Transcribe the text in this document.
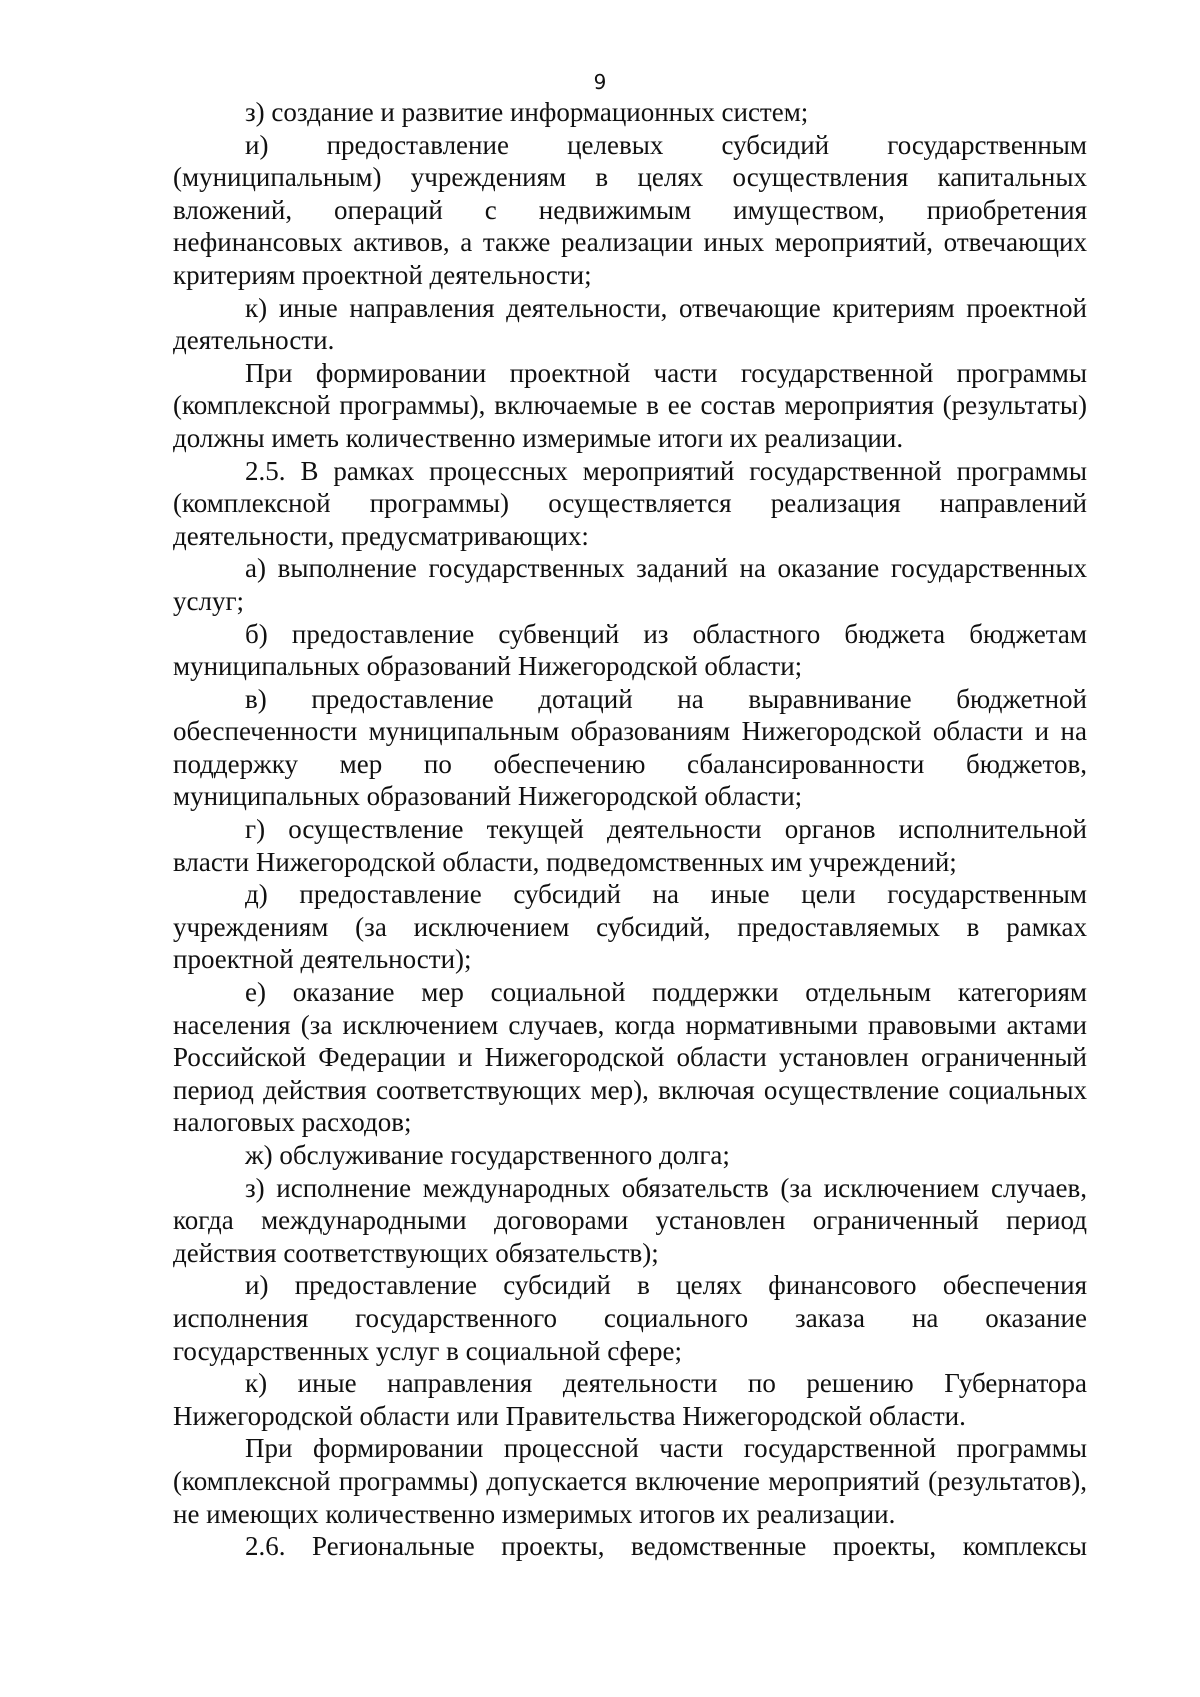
9

з) создание и развитие информационных систем;

и) предоставление целевых субсидий государственным (муниципальным) учреждениям в целях осуществления капитальных вложений, операций с недвижимым имуществом, приобретения нефинансовых активов, а также реализации иных мероприятий, отвечающих критериям проектной деятельности;

к) иные направления деятельности, отвечающие критериям проектной деятельности.

При формировании проектной части государственной программы (комплексной программы), включаемые в ее состав мероприятия (результаты) должны иметь количественно измеримые итоги их реализации.

2.5. В рамках процессных мероприятий государственной программы (комплексной программы) осуществляется реализация направлений деятельности, предусматривающих:

а) выполнение государственных заданий на оказание государственных услуг;

б) предоставление субвенций из областного бюджета бюджетам муниципальных образований Нижегородской области;

в) предоставление дотаций на выравнивание бюджетной обеспеченности муниципальным образованиям Нижегородской области и на поддержку мер по обеспечению сбалансированности бюджетов, муниципальных образований Нижегородской области;

г) осуществление текущей деятельности органов исполнительной власти Нижегородской области, подведомственных им учреждений;

д) предоставление субсидий на иные цели государственным учреждениям (за исключением субсидий, предоставляемых в рамках проектной деятельности);

е) оказание мер социальной поддержки отдельным категориям населения (за исключением случаев, когда нормативными правовыми актами Российской Федерации и Нижегородской области установлен ограниченный период действия соответствующих мер), включая осуществление социальных налоговых расходов;

ж) обслуживание государственного долга;

з) исполнение международных обязательств (за исключением случаев, когда международными договорами установлен ограниченный период действия соответствующих обязательств);

и) предоставление субсидий в целях финансового обеспечения исполнения государственного социального заказа на оказание государственных услуг в социальной сфере;

к) иные направления деятельности по решению Губернатора Нижегородской области или Правительства Нижегородской области.

При формировании процессной части государственной программы (комплексной программы) допускается включение мероприятий (результатов), не имеющих количественно измеримых итогов их реализации.

2.6. Региональные проекты, ведомственные проекты, комплексы
